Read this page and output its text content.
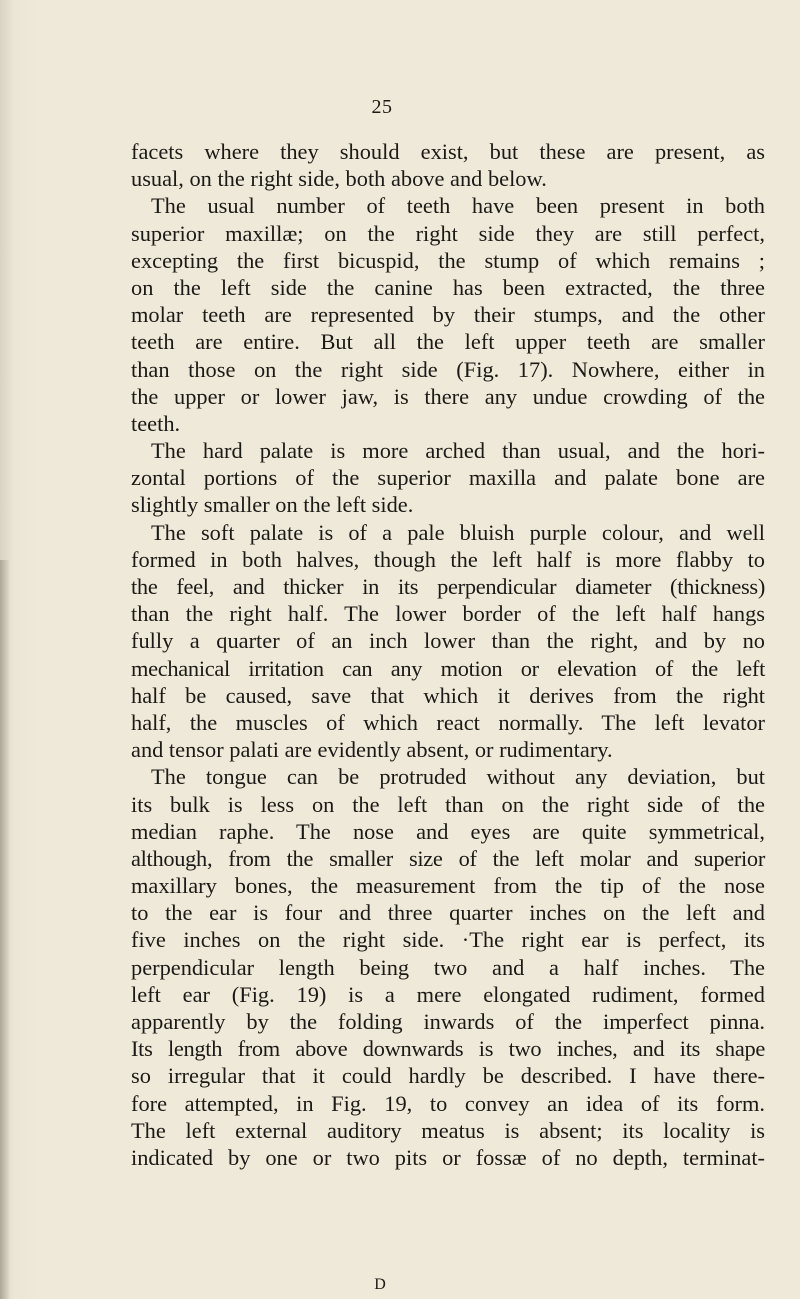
25
facets where they should exist, but these are present, as
usual, on the right side, both above and below.
The usual number of teeth have been present in both
superior maxillæ; on the right side they are still perfect,
excepting the first bicuspid, the stump of which remains ;
on the left side the canine has been extracted, the three
molar teeth are represented by their stumps, and the other
teeth are entire. But all the left upper teeth are smaller
than those on the right side (Fig. 17). Nowhere, either in
the upper or lower jaw, is there any undue crowding of the
teeth.
The hard palate is more arched than usual, and the hori-
zontal portions of the superior maxilla and palate bone are
slightly smaller on the left side.
The soft palate is of a pale bluish purple colour, and well
formed in both halves, though the left half is more flabby to
the feel, and thicker in its perpendicular diameter (thickness)
than the right half. The lower border of the left half hangs
fully a quarter of an inch lower than the right, and by no
mechanical irritation can any motion or elevation of the left
half be caused, save that which it derives from the right
half, the muscles of which react normally. The left levator
and tensor palati are evidently absent, or rudimentary.
The tongue can be protruded without any deviation, but
its bulk is less on the left than on the right side of the
median raphe. The nose and eyes are quite symmetrical,
although, from the smaller size of the left molar and superior
maxillary bones, the measurement from the tip of the nose
to the ear is four and three quarter inches on the left and
five inches on the right side. ·The right ear is perfect, its
perpendicular length being two and a half inches. The
left ear (Fig. 19) is a mere elongated rudiment, formed
apparently by the folding inwards of the imperfect pinna.
Its length from above downwards is two inches, and its shape
so irregular that it could hardly be described. I have there-
fore attempted, in Fig. 19, to convey an idea of its form.
The left external auditory meatus is absent; its locality is
indicated by one or two pits or fossæ of no depth, terminat-
D
